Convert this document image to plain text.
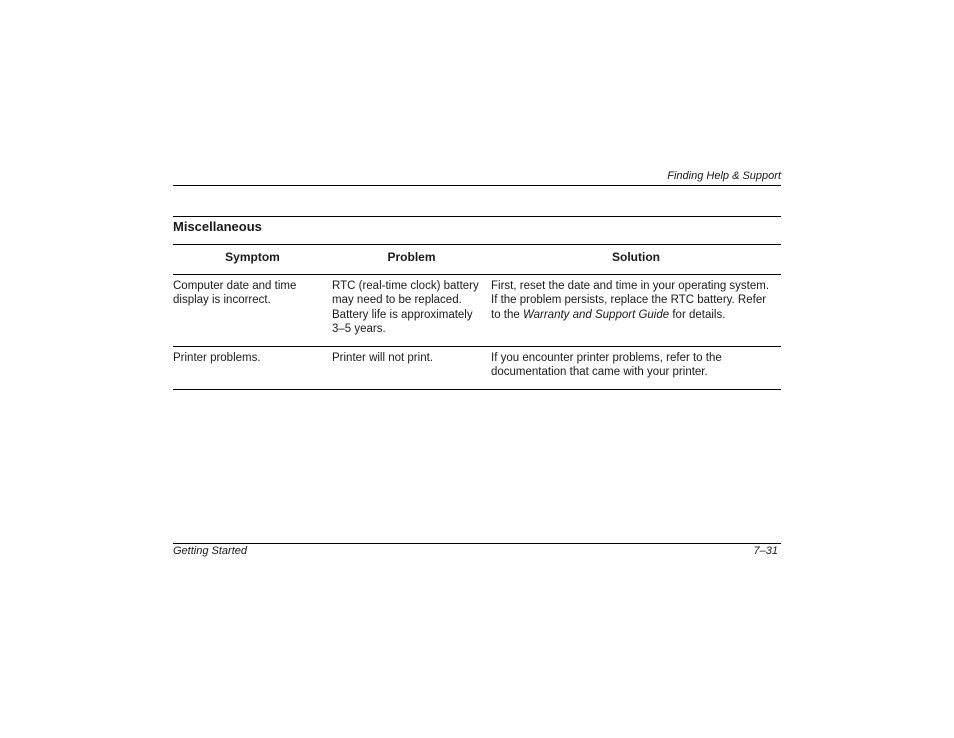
Finding Help & Support
Miscellaneous
Symptom	Problem	Solution
Computer date and time display is incorrect.	RTC (real-time clock) battery may need to be replaced. Battery life is approximately 3–5 years.	First, reset the date and time in your operating system. If the problem persists, replace the RTC battery. Refer to the Warranty and Support Guide for details.
Printer problems.	Printer will not print.	If you encounter printer problems, refer to the documentation that came with your printer.
Getting Started	7–31
